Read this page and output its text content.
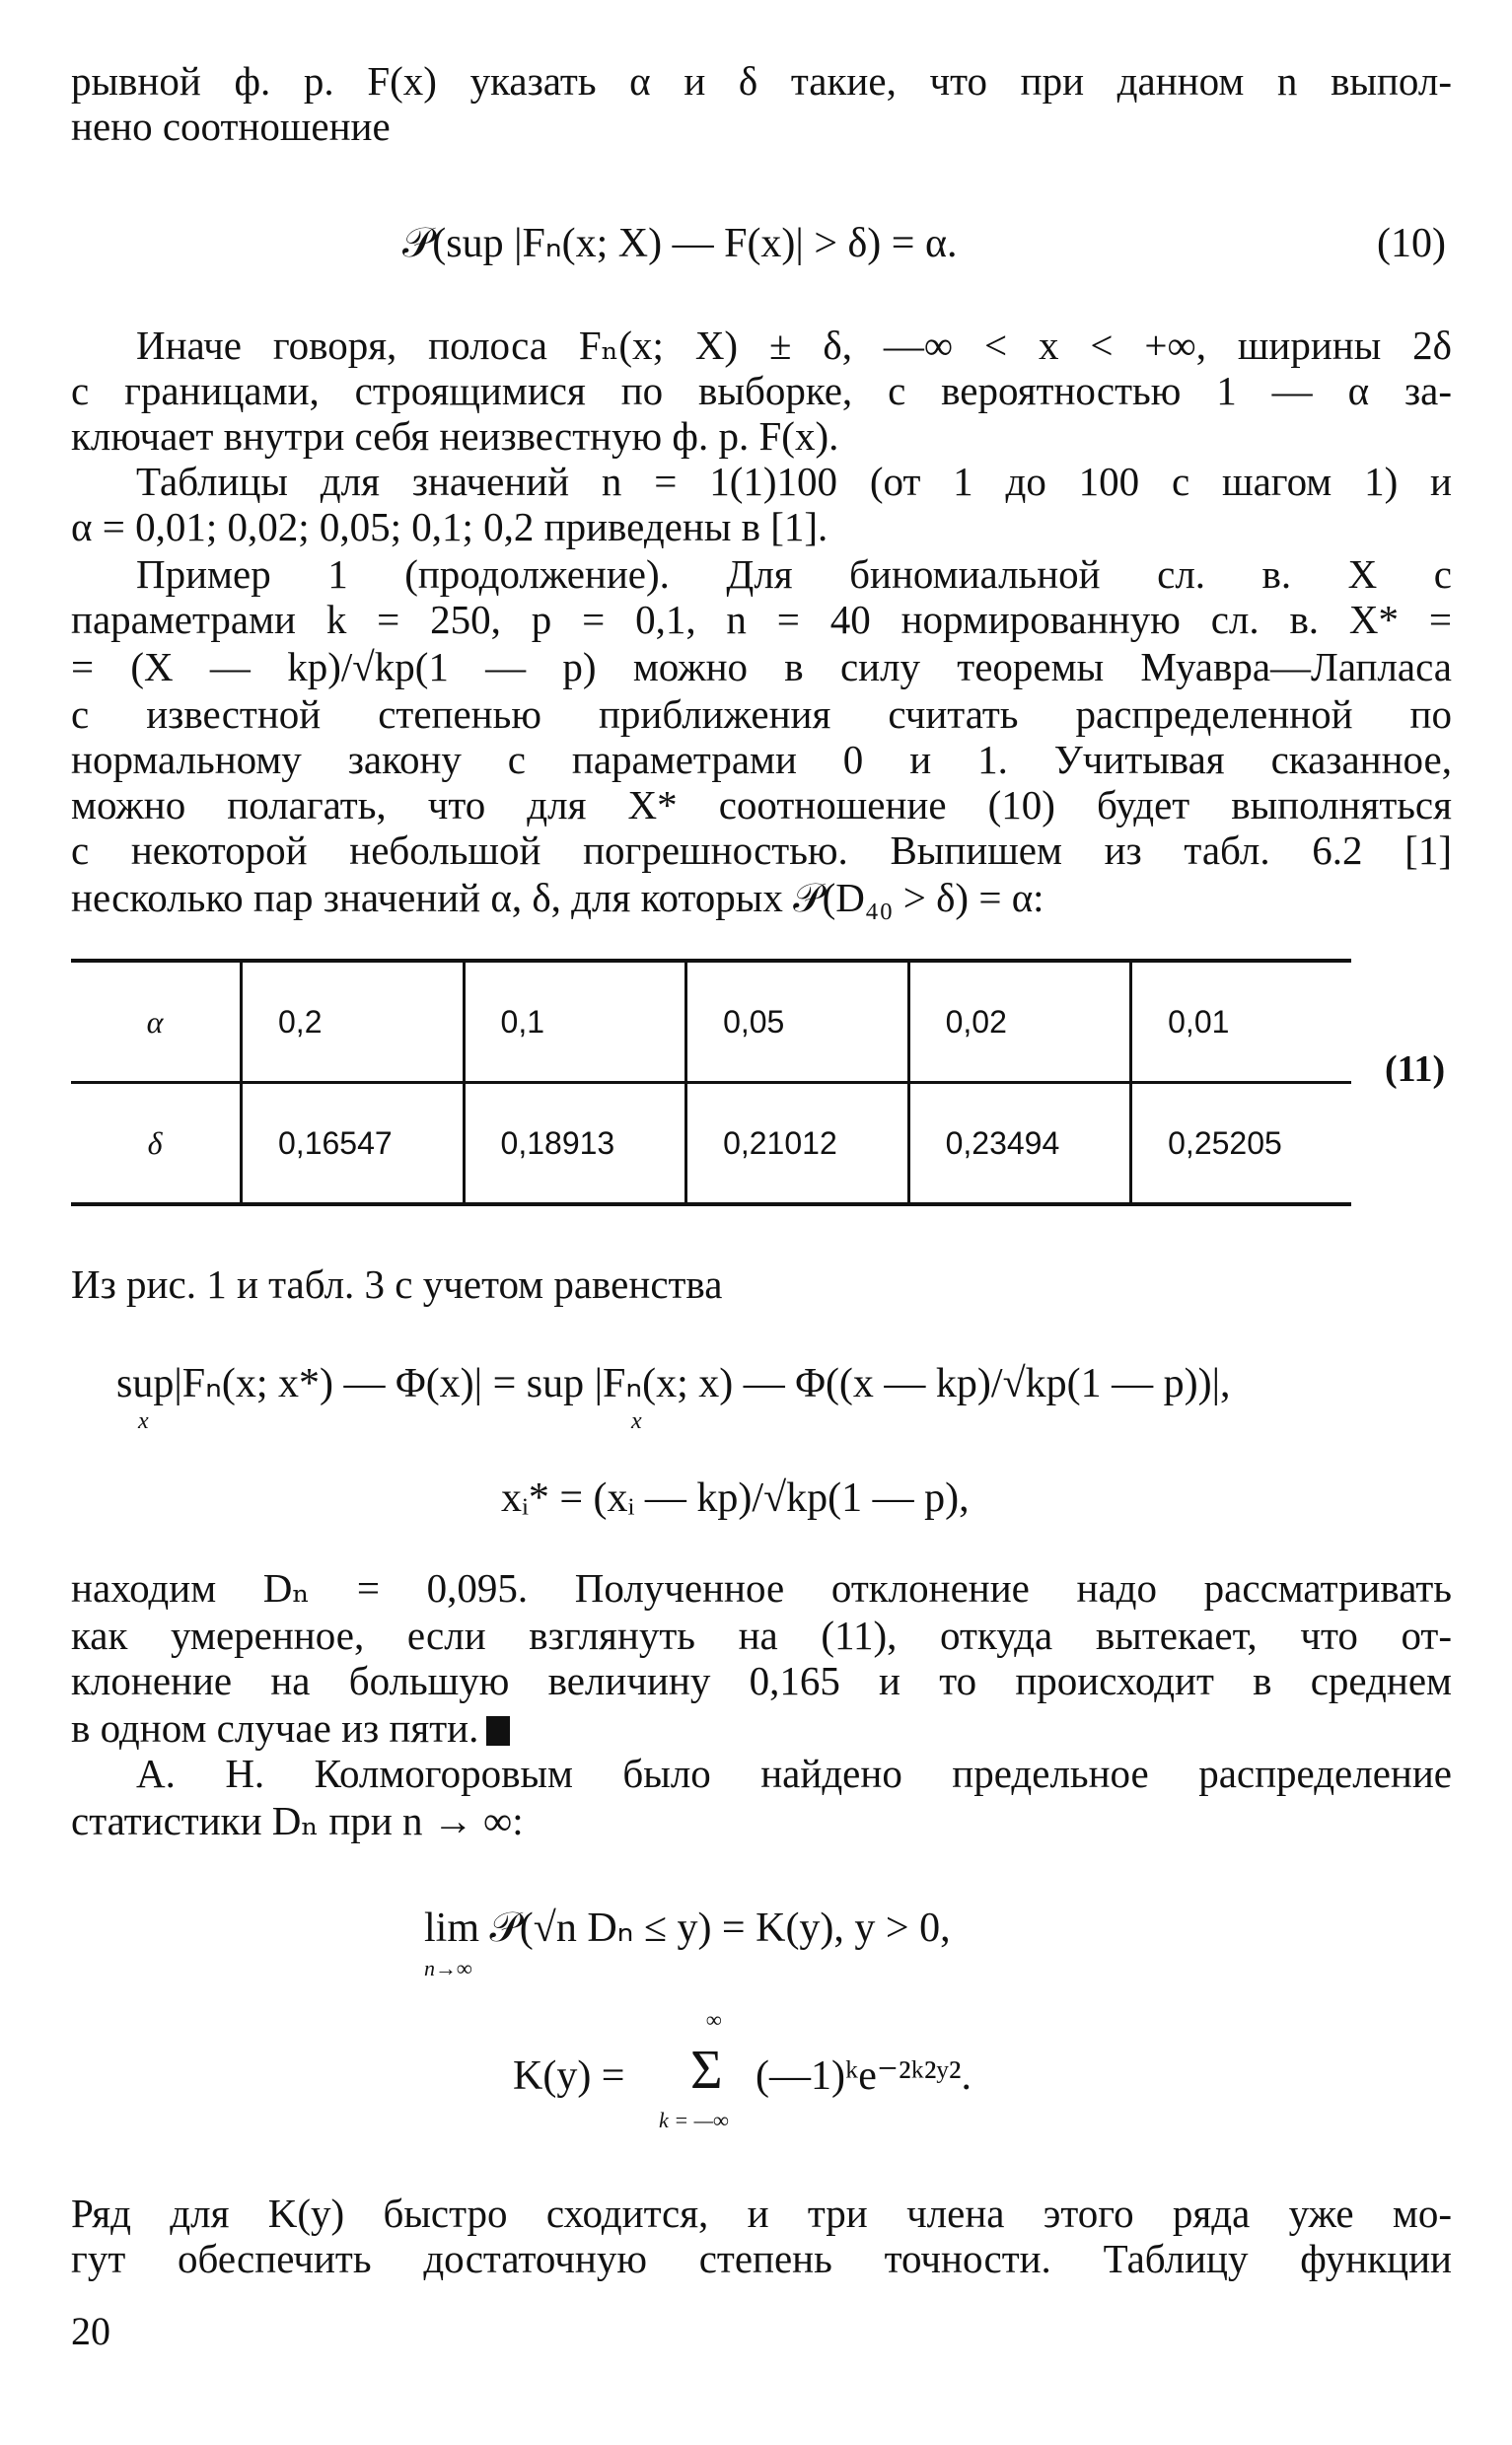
рывной ф. р. F(x) указать α и δ такие, что при данном n выпол-
нено соотношение
𝒫(sup |Fₙ(x; X) — F(x)| > δ) = α.	(10)
Иначе говоря, полоса Fₙ(x; X) ± δ, —∞ < x < +∞, ширины 2δ
с границами, строящимися по выборке, с вероятностью 1 — α за-
ключает внутри себя неизвестную ф. р. F(x).
Таблицы для значений n = 1(1)100 (от 1 до 100 с шагом 1) и
α = 0,01; 0,02; 0,05; 0,1; 0,2 приведены в [1].
Пример 1 (продолжение). Для биномиальной сл. в. X с
параметрами k = 250, p = 0,1, n = 40 нормированную сл. в. X* =
= (X — kp)/√kp(1 — p) можно в силу теоремы Муавра—Лапласа
с известной степенью приближения считать распределенной по
нормальному закону с параметрами 0 и 1. Учитывая сказанное,
можно полагать, что для X* соотношение (10) будет выполняться
с некоторой небольшой погрешностью. Выпишем из табл. 6.2 [1]
несколько пар значений α, δ, для которых 𝒫(D₄₀ > δ) = α:
α	0,2	0,1	0,05	0,02	0,01
δ	0,16547	0,18913	0,21012	0,23494	0,25205
(11)
Из рис. 1 и табл. 3 с учетом равенства
sup|Fₙ(x; x*) — Φ(x)| = sup |Fₙ(x; x) — Φ((x — kp)/√kp(1 — p))|,
x	x
xᵢ* = (xᵢ — kp)/√kp(1 — p),
находим Dₙ = 0,095. Полученное отклонение надо рассматривать
как умеренное, если взглянуть на (11), откуда вытекает, что от-
клонение на большую величину 0,165 и то происходит в среднем
в одном случае из пяти.
А. Н. Колмогоровым было найдено предельное распределение
статистики Dₙ при n → ∞:
lim 𝒫(√n Dₙ ≤ y) = K(y), y > 0,
n→∞
K(y) =
∞
Σ
k = —∞
(—1)ᵏe⁻²ᵏ²ʸ².
Ряд для K(y) быстро сходится, и три члена этого ряда уже мо-
гут обеспечить достаточную степень точности. Таблицу функции
20
